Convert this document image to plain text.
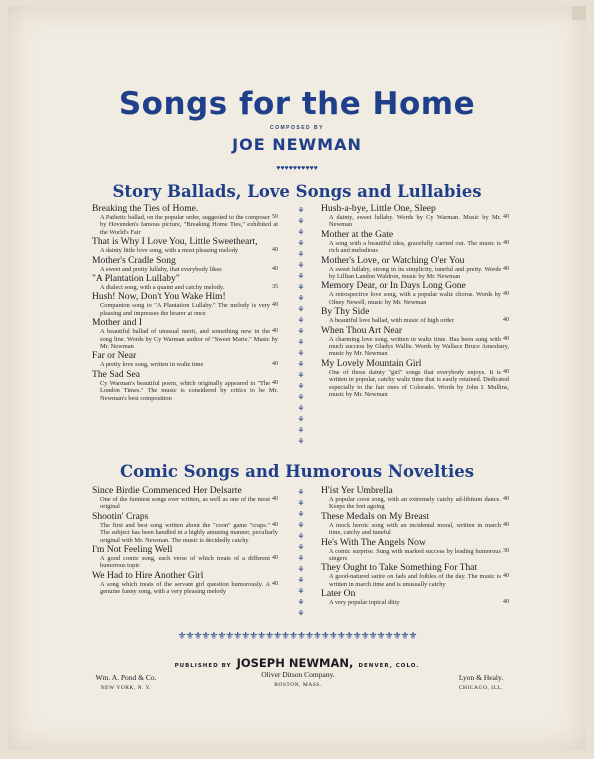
Songs for the Home
COMPOSED BY
JOE NEWMAN
♥♥♥♥♥♥♥♥♥♥
Story Ballads, Love Songs and Lullabies
Breaking the Ties of Home.
50
A Pathetic ballad, on the popular order, suggested to the composer by Hovenden's famous picture, "Breaking Home Ties," exhibited at the World's Fair
That is Why I Love You, Little Sweetheart,
40
A dainty little love song, with a most pleasing melody
Mother's Cradle Song
40
A sweet and pretty lullaby, that everybody likes
"A Plantation Lullaby"
35
A dialect song, with a quaint and catchy melody.
Hush! Now, Don't You Wake Him!
40
Companion song to "A Plantation Lullaby." The melody is very pleasing and impresses the hearer at once
Mother and I
40
A beautiful ballad of unusual merit, and something new in the song line. Words by Cy Warman author of "Sweet Marie." Music by Mr. Newman
Far or Near
40
A pretty love song, written in waltz time
The Sad Sea
40
Cy Warman's beautiful poem, which originally appeared in "The London Times." The music is considered by critics to be Mr. Newman's best composition
⚘
⚘
⚘
⚘
⚘
⚘
⚘
⚘
⚘
⚘
⚘
⚘
⚘
⚘
⚘
⚘
⚘
⚘
⚘
⚘
⚘
⚘

Hush-a-bye, Little One, Sleep
40
A dainty, sweet lullaby. Words by Cy Warman. Music by Mr. Newman
Mother at the Gate
40
A song with a beautiful idea, gracefully carried out. The music is rich and melodious
Mother's Love, or Watching O'er You
40
A sweet lullaby, strong in its simplicity, tuneful and pretty. Words by Lillian Landon Waldron, music by Mr. Newman
Memory Dear, or In Days Long Gone
40
A retrospective love song, with a popular waltz chorus. Words by Olney Newell, music by Mr. Newman
By Thy Side
40
A beautiful love ballad, with music of high order
When Thou Art Near
40
A charming love song, written in waltz time. Has been sung with much success by Gladys Wallis. Words by Wallace Bruce Amesbary, music by Mr. Newman
My Lovely Mountain Girl
40
One of those dainty "girl" songs that everybody enjoys. It is written in popular, catchy waltz time that is easily retained. Dedicated especially to the fair ones of Colorado. Words by John I. Mullins, music by Mr. Newman
Comic Songs and Humorous Novelties
Since Birdie Commenced Her Delsarte
40
One of the funniest songs ever written, as well as one of the most original
Shootin' Craps
40
The first and best song written about the "coon" game "craps." The subject has been handled in a highly amusing manner, peculiarly original with Mr. Newman. The music is decidedly catchy
I'm Not Feeling Well
40
A good comic song, each verse of which treats of a different humorous topic
We Had to Hire Another Girl
40
A song which treats of the servant girl question humorously. A genuine funny song, with a very pleasing melody
⚘
⚘
⚘
⚘
⚘
⚘
⚘
⚘
⚘
⚘
⚘
⚘

H'ist Yer Umbrella
40
A popular coon song, with an extremely catchy ad-libitum dance. Keeps the feet agoing
These Medals on My Breast
40
A mock heroic song with an incidental moral, written in march time, catchy and tuneful
He's With The Angels Now
30
A comic surprise. Sung with marked success by leading humorous singers
They Ought to Take Something For That
40
A good-natured satire on fads and foibles of the day. The music is written in march time and is unusually catchy
Later On
40
A very popular topical ditty
⚜⚜⚜⚜⚜⚜⚜⚜⚜⚜⚜⚜⚜⚜⚜⚜⚜⚜⚜⚜⚜⚜⚜⚜⚜⚜⚜⚜⚜⚜
PUBLISHED BY JOSEPH NEWMAN, DENVER, COLO.
Wm. A. Pond & Co.
NEW YORK, N. Y.
Oliver Ditson Company.
BOSTON, MASS.
Lyon & Healy.
CHICAGO, ILL.
